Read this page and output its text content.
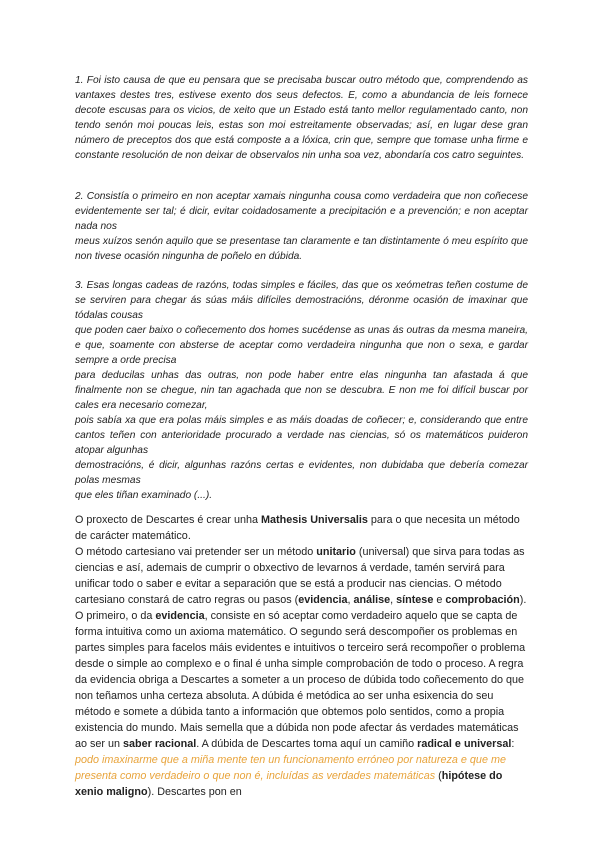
1. Foi isto causa de que eu pensara que se precisaba buscar outro método que, comprendendo as vantaxes destes tres, estivese exento dos seus defectos. E, como a abundancia de leis fornece decote escusas para os vicios, de xeito que un Estado está tanto mellor regulamentado canto, non tendo senón moi poucas leis, estas son moi estreitamente observadas; así, en lugar dese gran número de preceptos dos que está composte a a lóxica, crin que, sempre que tomase unha firme e constante resolución de non deixar de observalos nin unha soa vez, abondaría cos catro seguintes.

2. Consistía o primeiro en non aceptar xamais ningunha cousa como verdadeira que non coñecese evidentemente ser tal; é dicir, evitar coidadosamente a precipitación e a prevención; e non aceptar nada nos

meus xuízos senón aquilo que se presentase tan claramente e tan distintamente ó meu espírito que non tivese ocasión ningunha de poñelo en dúbida.

3. Esas longas cadeas de razóns, todas simples e fáciles, das que os xeómetras teñen costume de se serviren para chegar ás súas máis difíciles demostracións, déronme ocasión de imaxinar que tódalas cousas

que poden caer baixo o coñecemento dos homes sucédense as unas ás outras da mesma maneira, e que, soamente con absterse de aceptar como verdadeira ningunha que non o sexa, e gardar sempre a orde precisa

para deducilas unhas das outras, non pode haber entre elas ningunha tan afastada á que finalmente non se chegue, nin tan agachada que non se descubra. E non me foi difícil buscar por cales era necesario comezar,

pois sabía xa que era polas máis simples e as máis doadas de coñecer; e, considerando que entre cantos teñen con anterioridade procurado a verdade nas ciencias, só os matemáticos puideron atopar algunhas

demostracións, é dicir, algunhas razóns certas e evidentes, non dubidaba que debería comezar polas mesmas

que eles tiñan examinado (...).

O proxecto de Descartes é crear unha Mathesis Universalis para o que necesita un método de carácter matemático.

O método cartesiano vai pretender ser un método unitario (universal) que sirva para todas as ciencias e así, ademais de cumprir o obxectivo de levarnos á verdade, tamén servirá para unificar todo o saber e evitar a separación que se está a producir nas ciencias. O método cartesiano constará de catro regras ou pasos (evidencia, análise, síntese e comprobación). O primeiro, o da evidencia, consiste en só aceptar como verdadeiro aquelo que se capta de forma intuitiva como un axioma matemático. O segundo será descompoñer os problemas en partes simples para facelos máis evidentes e intuitivos o terceiro será recompoñer o problema desde o simple ao complexo e o final é unha simple comprobación de todo o proceso. A regra da evidencia obriga a Descartes a someter a un proceso de dúbida todo coñecemento do que non teñamos unha certeza absoluta. A dúbida é metódica ao ser unha esixencia do seu método e somete a dúbida tanto a información que obtemos polo sentidos, como a propia existencia do mundo. Mais semella que a dúbida non pode afectar ás verdades matemáticas ao ser un saber racional. A dúbida de Descartes toma aquí un camiño radical e universal: podo imaxinarme que a miña mente ten un funcionamento erróneo por natureza e que me presenta como verdadeiro o que non é, incluídas as verdades matemáticas (hipótese do xenio maligno). Descartes pon en
